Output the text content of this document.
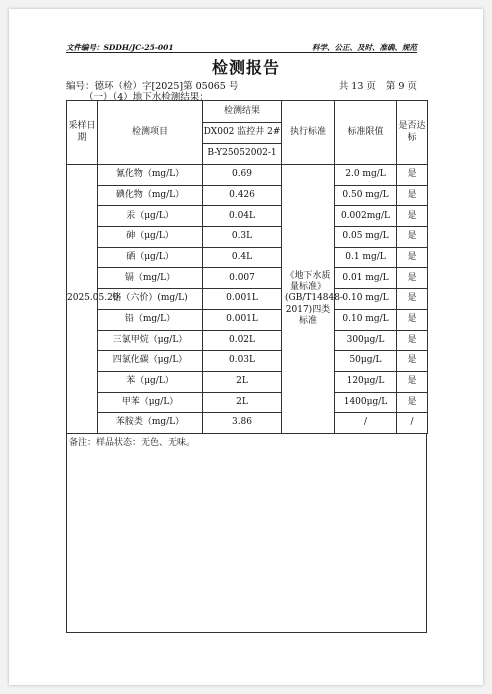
文件编号：SDDH/JC-25-001	科学、公正、及时、准确、规范
检测报告
编号：德环（检）字[2025]第 05065 号	共 13 页 第 9 页
（一）（4）地下水检测结果：
采样日期	检测项目	检测结果	执行标准	标准限值	是否达标
		DX002 监控井 2#			
		B-Y25052002-1			
2025.05.20	氰化物（mg/L）	0.69	《地下水质量标准》(GB/T14848-2017)四类标准	2.0 mg/L	是
	碘化物（mg/L）	0.426		0.50 mg/L	是
	汞（μg/L）	0.04L		0.002mg/L	是
	砷（μg/L）	0.3L		0.05 mg/L	是
	硒（μg/L）	0.4L		0.1 mg/L	是
	镉（mg/L）	0.007		0.01 mg/L	是
	铬（六价）(mg/L)	0.001L		0.10 mg/L	是
	铅（mg/L）	0.001L		0.10 mg/L	是
	三氯甲烷（μg/L）	0.02L		300μg/L	是
	四氯化碳（μg/L）	0.03L		50μg/L	是
	苯（μg/L）	2L		120μg/L	是
	甲苯（μg/L）	2L		1400μg/L	是
	苯胺类（mg/L）	3.86		/	/
备注：样品状态：无色、无味。
